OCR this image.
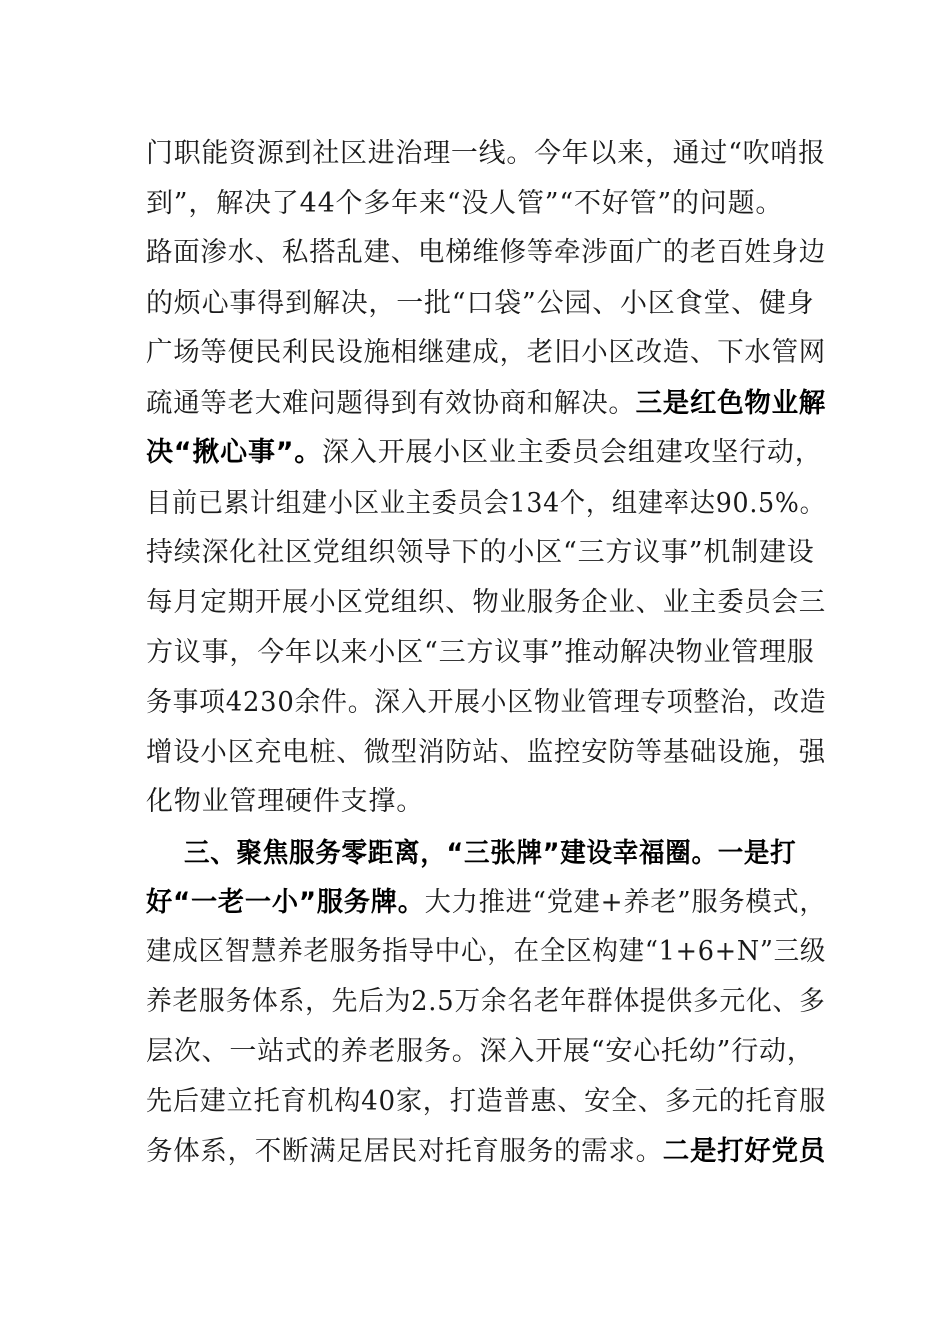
门职能资源到社区进治理一线。今年以来，通过“吹哨报
到”，解决了44个多年来“没人管”“不好管”的问题。
路面渗水、私搭乱建、电梯维修等牵涉面广的老百姓身边
的烦心事得到解决，一批“口袋”公园、小区食堂、健身
广场等便民利民设施相继建成，老旧小区改造、下水管网
疏通等老大难问题得到有效协商和解决。三是红色物业解
决“揪心事”。深入开展小区业主委员会组建攻坚行动，
目前已累计组建小区业主委员会134个，组建率达90.5%。
持续深化社区党组织领导下的小区“三方议事”机制建设
每月定期开展小区党组织、物业服务企业、业主委员会三
方议事，今年以来小区“三方议事”推动解决物业管理服
务事项4230余件。深入开展小区物业管理专项整治，改造
增设小区充电桩、微型消防站、监控安防等基础设施，强
化物业管理硬件支撑。
三、聚焦服务零距离，“三张牌”建设幸福圈。一是打
好“一老一小”服务牌。大力推进“党建+养老”服务模式，
建成区智慧养老服务指导中心，在全区构建“1+6+N”三级
养老服务体系，先后为2.5万余名老年群体提供多元化、多
层次、一站式的养老服务。深入开展“安心托幼”行动，
先后建立托育机构40家，打造普惠、安全、多元的托育服
务体系，不断满足居民对托育服务的需求。二是打好党员
